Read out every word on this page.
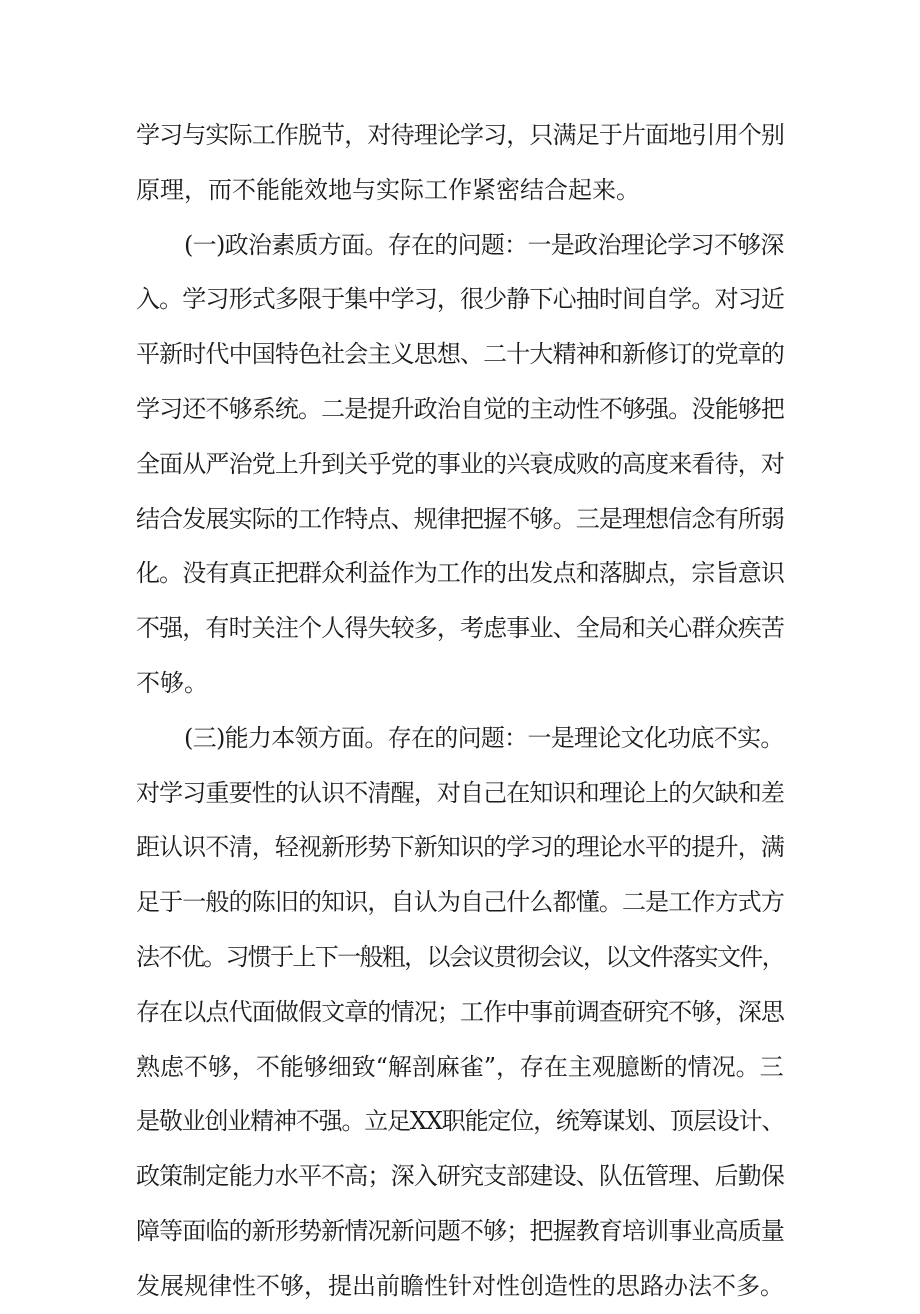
学习与实际工作脱节，对待理论学习，只满足于片面地引用个别
原理，而不能能效地与实际工作紧密结合起来。
(一)政治素质方面。存在的问题：一是政治理论学习不够深
入。学习形式多限于集中学习，很少静下心抽时间自学。对习近
平新时代中国特色社会主义思想、二十大精神和新修订的党章的
学习还不够系统。二是提升政治自觉的主动性不够强。没能够把
全面从严治党上升到关乎党的事业的兴衰成败的高度来看待，对
结合发展实际的工作特点、规律把握不够。三是理想信念有所弱
化。没有真正把群众利益作为工作的出发点和落脚点，宗旨意识
不强，有时关注个人得失较多，考虑事业、全局和关心群众疾苦
不够。
(三)能力本领方面。存在的问题：一是理论文化功底不实。
对学习重要性的认识不清醒，对自己在知识和理论上的欠缺和差
距认识不清，轻视新形势下新知识的学习的理论水平的提升，满
足于一般的陈旧的知识，自认为自己什么都懂。二是工作方式方
法不优。习惯于上下一般粗，以会议贯彻会议，以文件落实文件，
存在以点代面做假文章的情况；工作中事前调查研究不够，深思
熟虑不够，不能够细致“解剖麻雀”，存在主观臆断的情况。三
是敬业创业精神不强。立足XX职能定位，统筹谋划、顶层设计、
政策制定能力水平不高；深入研究支部建设、队伍管理、后勤保
障等面临的新形势新情况新问题不够；把握教育培训事业高质量
发展规律性不够，提出前瞻性针对性创造性的思路办法不多。
